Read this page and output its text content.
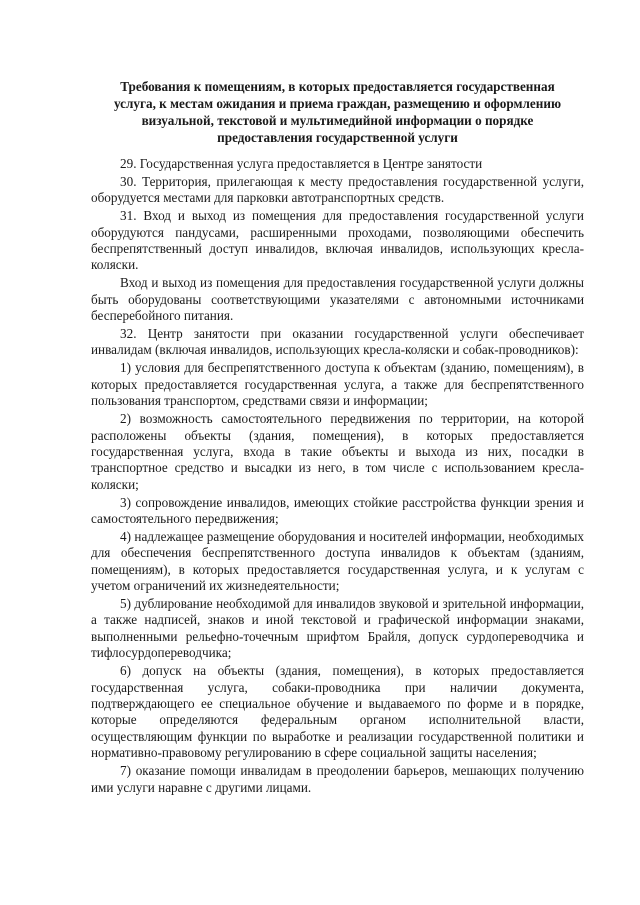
Требования к помещениям, в которых предоставляется государственная
услуга, к местам ожидания и приема граждан, размещению и оформлению
визуальной, текстовой и мультимедийной информации о порядке
предоставления государственной услуги

29. Государственная услуга предоставляется в Центре занятости

30. Территория, прилегающая к месту предоставления государственной услуги, оборудуется местами для парковки автотранспортных средств.

31. Вход и выход из помещения для предоставления государственной услуги оборудуются пандусами, расширенными проходами, позволяющими обеспечить беспрепятственный доступ инвалидов, включая инвалидов, использующих кресла-коляски.

Вход и выход из помещения для предоставления государственной услуги должны быть оборудованы соответствующими указателями с автономными источниками бесперебойного питания.

32. Центр занятости при оказании государственной услуги обеспечивает инвалидам (включая инвалидов, использующих кресла-коляски и собак-проводников):

1) условия для беспрепятственного доступа к объектам (зданию, помещениям), в которых предоставляется государственная услуга, а также для беспрепятственного пользования транспортом, средствами связи и информации;

2) возможность самостоятельного передвижения по территории, на которой расположены объекты (здания, помещения), в которых предоставляется государственная услуга, входа в такие объекты и выхода из них, посадки в транспортное средство и высадки из него, в том числе с использованием кресла-коляски;

3) сопровождение инвалидов, имеющих стойкие расстройства функции зрения и самостоятельного передвижения;

4) надлежащее размещение оборудования и носителей информации, необходимых для обеспечения беспрепятственного доступа инвалидов к объектам (зданиям, помещениям), в которых предоставляется государственная услуга, и к услугам с учетом ограничений их жизнедеятельности;

5) дублирование необходимой для инвалидов звуковой и зрительной информации, а также надписей, знаков и иной текстовой и графической информации знаками, выполненными рельефно-точечным шрифтом Брайля, допуск сурдопереводчика и тифлосурдопереводчика;

6) допуск на объекты (здания, помещения), в которых предоставляется государственная услуга, собаки-проводника при наличии документа, подтверждающего ее специальное обучение и выдаваемого по форме и в порядке, которые определяются федеральным органом исполнительной власти, осуществляющим функции по выработке и реализации государственной политики и нормативно-правовому регулированию в сфере социальной защиты населения;

7) оказание помощи инвалидам в преодолении барьеров, мешающих получению ими услуги наравне с другими лицами.
